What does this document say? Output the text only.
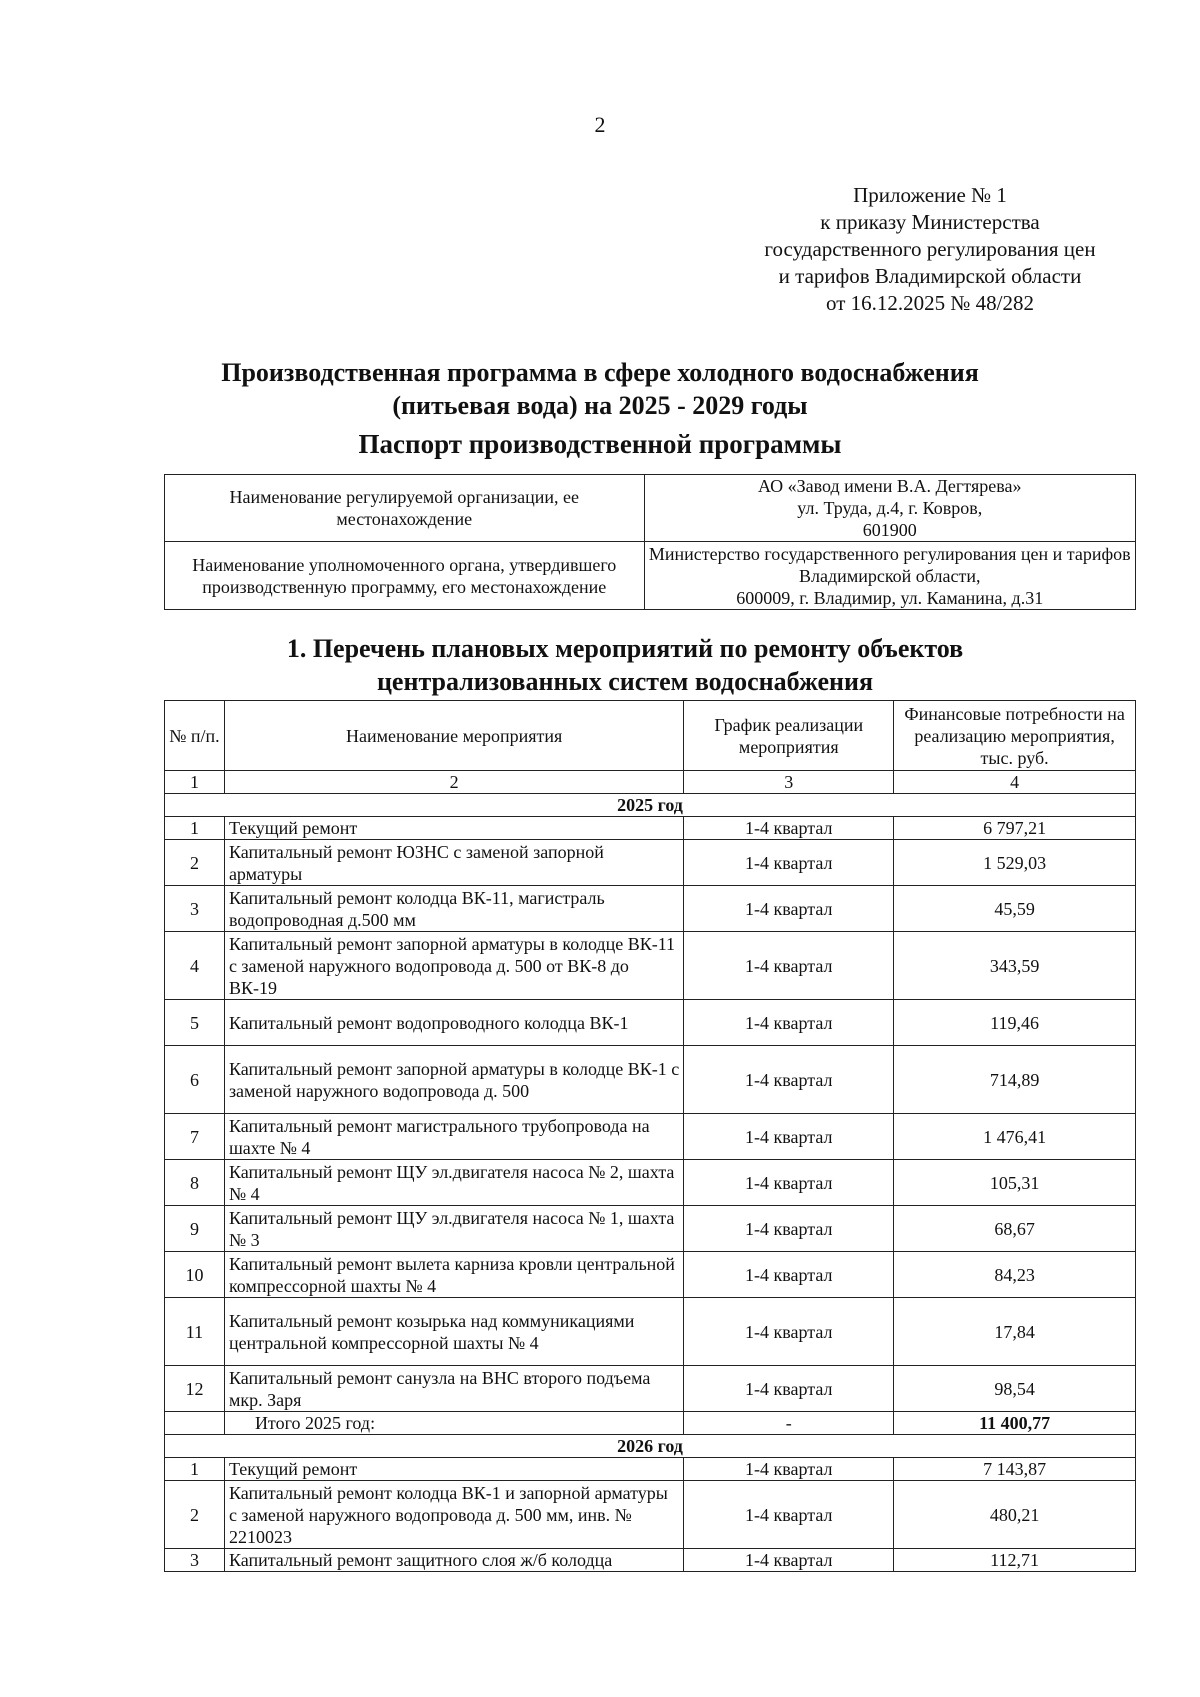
2
Приложение № 1
к приказу Министерства
государственного регулирования цен
и тарифов Владимирской области
от 16.12.2025 № 48/282
Производственная программа в сфере холодного водоснабжения
(питьевая вода) на 2025 - 2029 годы
Паспорт производственной программы
Наименование регулируемой организации, ее местонахождение	АО «Завод имени В.А. Дегтярева»
ул. Труда, д.4, г. Ковров,
601900

Наименование уполномоченного органа, утвердившего производственную программу, его местонахождение	Министерство государственного регулирования цен и тарифов Владимирской области,
600009, г. Владимир, ул. Каманина, д.31
1. Перечень плановых мероприятий по ремонту объектов
централизованных систем водоснабжения
№ п/п.	Наименование мероприятия	График реализации мероприятия	Финансовые потребности на реализацию мероприятия, тыс. руб.
1	2	3	4
2025 год			
1	Текущий ремонт	1-4 квартал	6 797,21
2	Капитальный ремонт ЮЗНС с заменой запорной арматуры	1-4 квартал	1 529,03
3	Капитальный ремонт колодца ВК-11, магистраль водопроводная д.500 мм	1-4 квартал	45,59
4	Капитальный ремонт запорной арматуры в колодце ВК-11 с заменой наружного водопровода д. 500 от ВК-8 до ВК-19	1-4 квартал	343,59
5	Капитальный ремонт водопроводного колодца ВК-1	1-4 квартал	119,46
6	Капитальный ремонт запорной арматуры в колодце ВК-1 с заменой наружного водопровода д. 500	1-4 квартал	714,89
7	Капитальный ремонт магистрального трубопровода на шахте № 4	1-4 квартал	1 476,41
8	Капитальный ремонт ЩУ эл.двигателя насоса № 2, шахта № 4	1-4 квартал	105,31
9	Капитальный ремонт ЩУ эл.двигателя насоса № 1, шахта № 3	1-4 квартал	68,67
10	Капитальный ремонт вылета карниза кровли центральной компрессорной шахты № 4	1-4 квартал	84,23
11	Капитальный ремонт козырька над коммуникациями центральной компрессорной шахты № 4	1-4 квартал	17,84
12	Капитальный ремонт санузла на ВНС второго подъема мкр. Заря	1-4 квартал	98,54
	Итого 2025 год:	-	11 400,77
2026 год			
1	Текущий ремонт	1-4 квартал	7 143,87
2	Капитальный ремонт колодца ВК-1 и запорной арматуры с заменой наружного водопровода д. 500 мм, инв. № 2210023	1-4 квартал	480,21
3	Капитальный ремонт защитного слоя ж/б колодца	1-4 квартал	112,71
